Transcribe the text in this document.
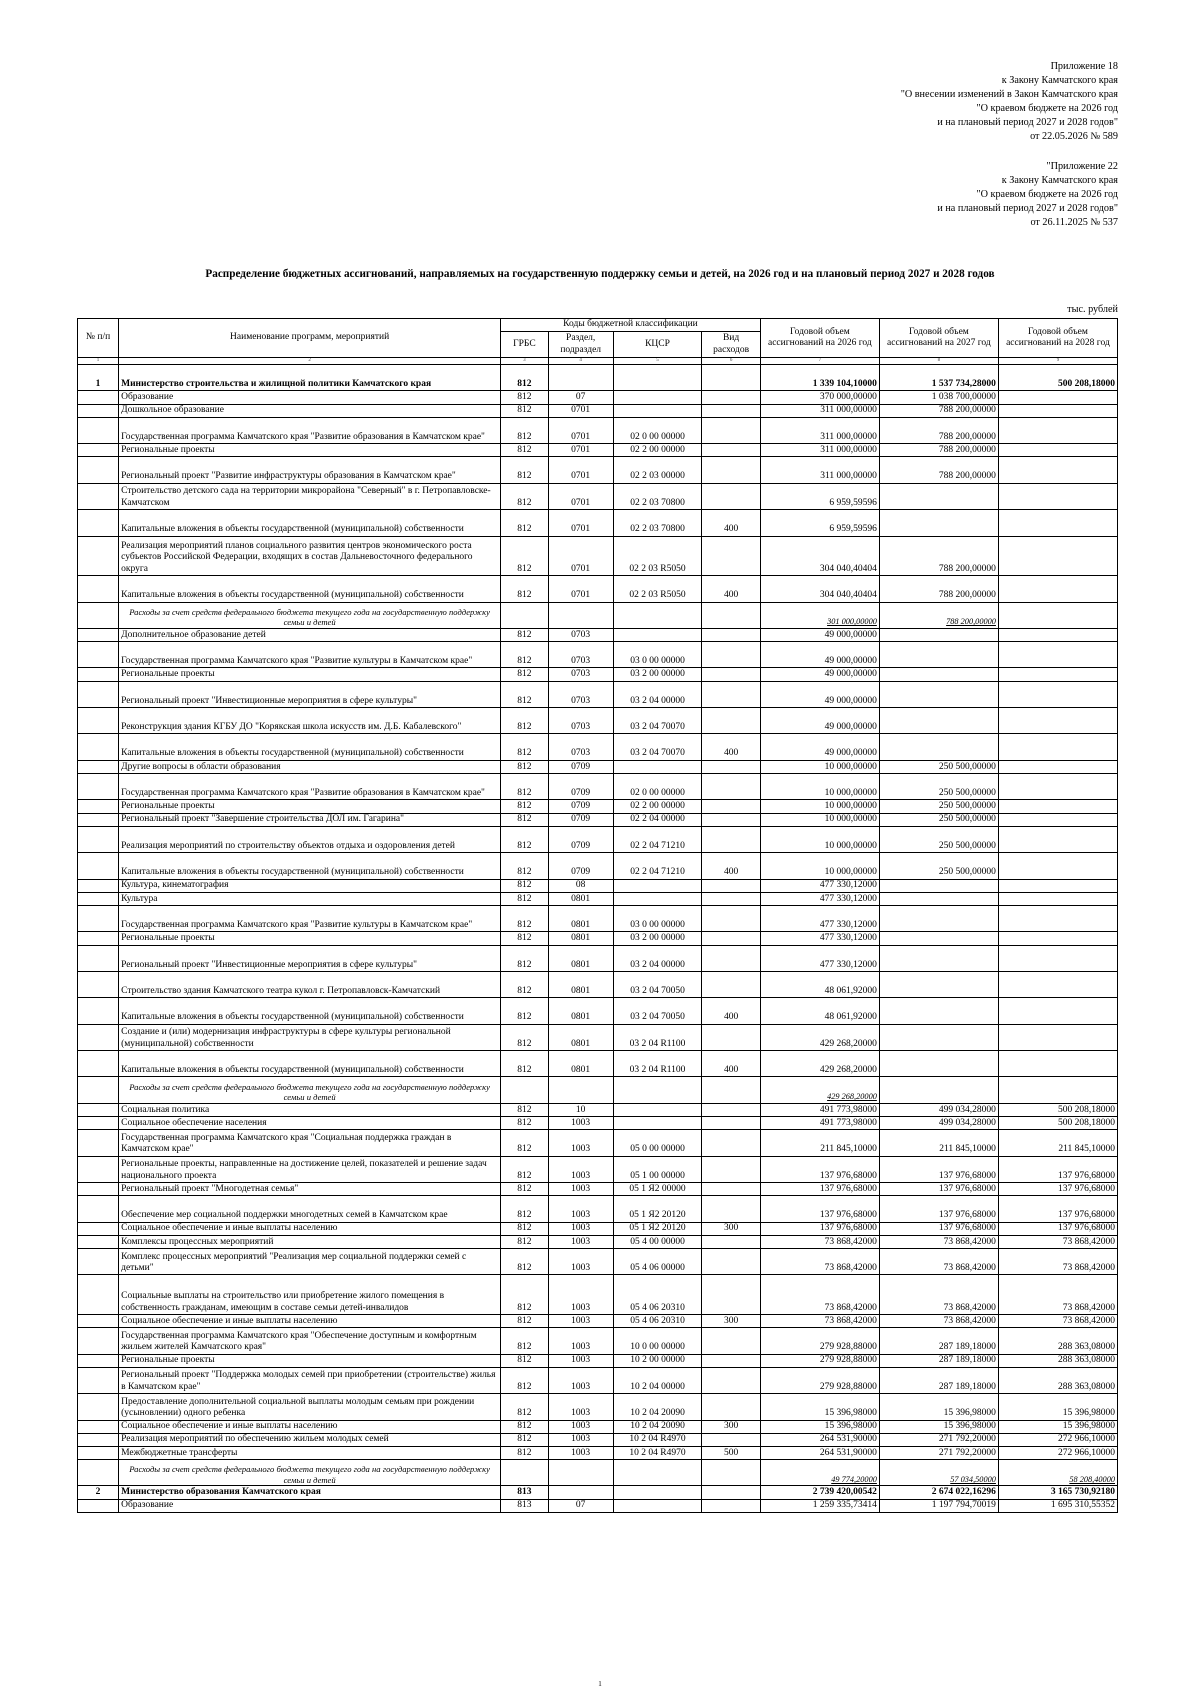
Приложение 18
к Закону Камчатского края
"О внесении изменений в Закон Камчатского края
"О краевом бюджете на 2026 год
и на плановый период 2027 и 2028 годов"
от 22.05.2026 № 589
"Приложение 22
к Закону Камчатского края
"О краевом бюджете на 2026 год
и на плановый период 2027 и 2028 годов"
от 26.11.2025 № 537
Распределение бюджетных ассигнований, направляемых на государственную поддержку семьи и детей, на 2026 год и на плановый период 2027 и 2028 годов
тыс. рублей
№ п/п	Наименование программ, мероприятий	Коды бюджетной классификации				Годовой объем ассигнований на 2026 год	Годовой объем ассигнований на 2027 год	Годовой объем ассигнований на 2028 год
		ГРБС	Раздел, подраздел	КЦСР	Вид расходов			
1	2	3	4	5	6	7	8	9
1	Министерство строительства и жилищной политики Камчатского края	812				1 339 104,10000	1 537 734,28000	500 208,18000
	Образование	812	07			370 000,00000	1 038 700,00000	
	Дошкольное образование	812	0701			311 000,00000	788 200,00000	
	Государственная программа Камчатского края "Развитие образования в Камчатском крае"	812	0701	02 0 00 00000		311 000,00000	788 200,00000	
	Региональные проекты	812	0701	02 2 00 00000		311 000,00000	788 200,00000	
	Региональный проект "Развитие инфраструктуры образования в Камчатском крае"	812	0701	02 2 03 00000		311 000,00000	788 200,00000	
	Строительство детского сада на территории микрорайона "Северный" в г. Петропавловске-Камчатском	812	0701	02 2 03 70800		6 959,59596		
	Капитальные вложения в объекты государственной (муниципальной) собственности	812	0701	02 2 03 70800	400	6 959,59596		
	Реализация мероприятий планов социального развития центров экономического роста субъектов Российской Федерации, входящих в состав Дальневосточного федерального округа	812	0701	02 2 03 R5050		304 040,40404	788 200,00000	
	Капитальные вложения в объекты государственной (муниципальной) собственности	812	0701	02 2 03 R5050	400	304 040,40404	788 200,00000	
	Расходы за счет средств федерального бюджета текущего года на государственную поддержку семьи и детей					301 000,00000	788 200,00000	
	Дополнительное образование детей	812	0703			49 000,00000		
	Государственная программа Камчатского края "Развитие культуры в Камчатском крае"	812	0703	03 0 00 00000		49 000,00000		
	Региональные проекты	812	0703	03 2 00 00000		49 000,00000		
	Региональный проект "Инвестиционные мероприятия в сфере культуры"	812	0703	03 2 04 00000		49 000,00000		
	Реконструкция здания КГБУ ДО "Корякская школа искусств им. Д.Б. Кабалевского"	812	0703	03 2 04 70070		49 000,00000		
	Капитальные вложения в объекты государственной (муниципальной) собственности	812	0703	03 2 04 70070	400	49 000,00000		
	Другие вопросы в области образования	812	0709			10 000,00000	250 500,00000	
	Государственная программа Камчатского края "Развитие образования в Камчатском крае"	812	0709	02 0 00 00000		10 000,00000	250 500,00000	
	Региональные проекты	812	0709	02 2 00 00000		10 000,00000	250 500,00000	
	Региональный проект "Завершение строительства ДОЛ им. Гагарина"	812	0709	02 2 04 00000		10 000,00000	250 500,00000	
	Реализация мероприятий по строительству объектов отдыха и оздоровления детей	812	0709	02 2 04 71210		10 000,00000	250 500,00000	
	Капитальные вложения в объекты государственной (муниципальной) собственности	812	0709	02 2 04 71210	400	10 000,00000	250 500,00000	
	Культура, кинематография	812	08			477 330,12000		
	Культура	812	0801			477 330,12000		
	Государственная программа Камчатского края "Развитие культуры в Камчатском крае"	812	0801	03 0 00 00000		477 330,12000		
	Региональные проекты	812	0801	03 2 00 00000		477 330,12000		
	Региональный проект "Инвестиционные мероприятия в сфере культуры"	812	0801	03 2 04 00000		477 330,12000		
	Строительство здания Камчатского театра кукол г. Петропавловск-Камчатский	812	0801	03 2 04 70050		48 061,92000		
	Капитальные вложения в объекты государственной (муниципальной) собственности	812	0801	03 2 04 70050	400	48 061,92000		
	Создание и (или) модернизация инфраструктуры в сфере культуры региональной (муниципальной) собственности	812	0801	03 2 04 R1100		429 268,20000		
	Капитальные вложения в объекты государственной (муниципальной) собственности	812	0801	03 2 04 R1100	400	429 268,20000		
	Расходы за счет средств федерального бюджета текущего года на государственную поддержку семьи и детей					429 268,20000		
	Социальная политика	812	10			491 773,98000	499 034,28000	500 208,18000
	Социальное обеспечение населения	812	1003			491 773,98000	499 034,28000	500 208,18000
	Государственная программа Камчатского края "Социальная поддержка граждан в Камчатском крае"	812	1003	05 0 00 00000		211 845,10000	211 845,10000	211 845,10000
	Региональные проекты, направленные на достижение целей, показателей и решение задач национального проекта	812	1003	05 1 00 00000		137 976,68000	137 976,68000	137 976,68000
	Региональный проект "Многодетная семья"	812	1003	05 1 Я2 00000		137 976,68000	137 976,68000	137 976,68000
	Обеспечение мер социальной поддержки многодетных семей в Камчатском крае	812	1003	05 1 Я2 20120		137 976,68000	137 976,68000	137 976,68000
	Социальное обеспечение и иные выплаты населению	812	1003	05 1 Я2 20120	300	137 976,68000	137 976,68000	137 976,68000
	Комплексы процессных мероприятий	812	1003	05 4 00 00000		73 868,42000	73 868,42000	73 868,42000
	Комплекс процессных мероприятий "Реализация мер социальной поддержки семей с детьми"	812	1003	05 4 06 00000		73 868,42000	73 868,42000	73 868,42000
	Социальные выплаты на строительство или приобретение жилого помещения в собственность гражданам, имеющим в составе семьи детей-инвалидов	812	1003	05 4 06 20310		73 868,42000	73 868,42000	73 868,42000
	Социальное обеспечение и иные выплаты населению	812	1003	05 4 06 20310	300	73 868,42000	73 868,42000	73 868,42000
	Государственная программа Камчатского края "Обеспечение доступным и комфортным жильем жителей Камчатского края"	812	1003	10 0 00 00000		279 928,88000	287 189,18000	288 363,08000
	Региональные проекты	812	1003	10 2 00 00000		279 928,88000	287 189,18000	288 363,08000
	Региональный проект "Поддержка молодых семей при приобретении (строительстве) жилья в Камчатском крае"	812	1003	10 2 04 00000		279 928,88000	287 189,18000	288 363,08000
	Предоставление дополнительной социальной выплаты молодым семьям при рождении (усыновлении) одного ребенка	812	1003	10 2 04 20090		15 396,98000	15 396,98000	15 396,98000
	Социальное обеспечение и иные выплаты населению	812	1003	10 2 04 20090	300	15 396,98000	15 396,98000	15 396,98000
	Реализация мероприятий по обеспечению жильем молодых семей	812	1003	10 2 04 R4970		264 531,90000	271 792,20000	272 966,10000
	Межбюджетные трансферты	812	1003	10 2 04 R4970	500	264 531,90000	271 792,20000	272 966,10000
	Расходы за счет средств федерального бюджета текущего года на государственную поддержку семьи и детей					49 774,20000	57 034,50000	58 208,40000
2	Министерство образования Камчатского края	813				2 739 420,00542	2 674 022,16296	3 165 730,92180
	Образование	813	07			1 259 335,73414	1 197 794,70019	1 695 310,55352
1
